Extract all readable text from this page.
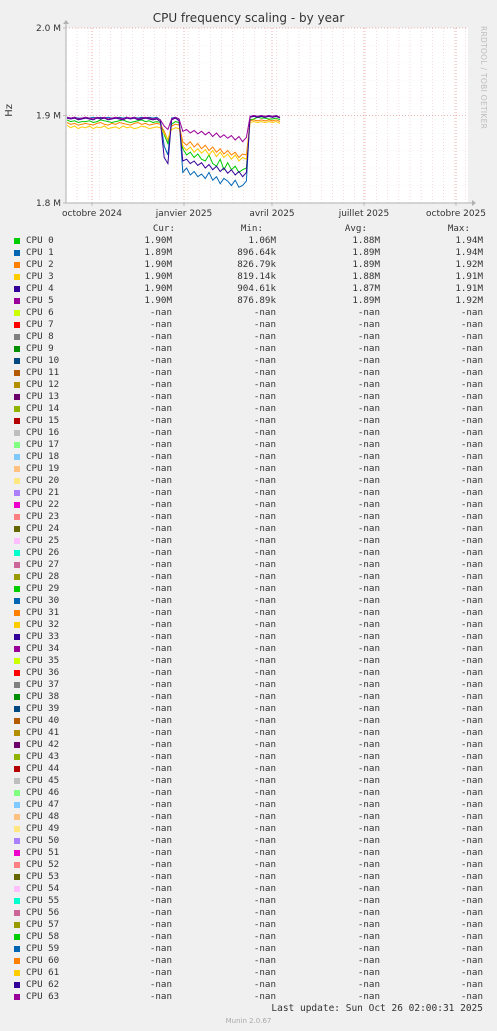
CPU frequency scaling - by year
RRDTOOL / TOBI OETIKER
Hz
octobre 2024	janvier 2025	avril 2025	juillet 2025	octobre 2025
2.0 M
1.9 M
1.8 M
Cur:	Min:	Avg:	Max:
CPU 0	1.90M	1.06M	1.88M	1.94M
CPU 1	1.89M	896.64k	1.89M	1.94M
CPU 2	1.90M	826.79k	1.89M	1.92M
CPU 3	1.90M	819.14k	1.88M	1.91M
CPU 4	1.90M	904.61k	1.87M	1.91M
CPU 5	1.90M	876.89k	1.89M	1.92M
CPU 6	-nan	-nan	-nan	-nan
CPU 7	-nan	-nan	-nan	-nan
CPU 8	-nan	-nan	-nan	-nan
CPU 9	-nan	-nan	-nan	-nan
CPU 10	-nan	-nan	-nan	-nan
CPU 11	-nan	-nan	-nan	-nan
CPU 12	-nan	-nan	-nan	-nan
CPU 13	-nan	-nan	-nan	-nan
CPU 14	-nan	-nan	-nan	-nan
CPU 15	-nan	-nan	-nan	-nan
CPU 16	-nan	-nan	-nan	-nan
CPU 17	-nan	-nan	-nan	-nan
CPU 18	-nan	-nan	-nan	-nan
CPU 19	-nan	-nan	-nan	-nan
CPU 20	-nan	-nan	-nan	-nan
CPU 21	-nan	-nan	-nan	-nan
CPU 22	-nan	-nan	-nan	-nan
CPU 23	-nan	-nan	-nan	-nan
CPU 24	-nan	-nan	-nan	-nan
CPU 25	-nan	-nan	-nan	-nan
CPU 26	-nan	-nan	-nan	-nan
CPU 27	-nan	-nan	-nan	-nan
CPU 28	-nan	-nan	-nan	-nan
CPU 29	-nan	-nan	-nan	-nan
CPU 30	-nan	-nan	-nan	-nan
CPU 31	-nan	-nan	-nan	-nan
CPU 32	-nan	-nan	-nan	-nan
CPU 33	-nan	-nan	-nan	-nan
CPU 34	-nan	-nan	-nan	-nan
CPU 35	-nan	-nan	-nan	-nan
CPU 36	-nan	-nan	-nan	-nan
CPU 37	-nan	-nan	-nan	-nan
CPU 38	-nan	-nan	-nan	-nan
CPU 39	-nan	-nan	-nan	-nan
CPU 40	-nan	-nan	-nan	-nan
CPU 41	-nan	-nan	-nan	-nan
CPU 42	-nan	-nan	-nan	-nan
CPU 43	-nan	-nan	-nan	-nan
CPU 44	-nan	-nan	-nan	-nan
CPU 45	-nan	-nan	-nan	-nan
CPU 46	-nan	-nan	-nan	-nan
CPU 47	-nan	-nan	-nan	-nan
CPU 48	-nan	-nan	-nan	-nan
CPU 49	-nan	-nan	-nan	-nan
CPU 50	-nan	-nan	-nan	-nan
CPU 51	-nan	-nan	-nan	-nan
CPU 52	-nan	-nan	-nan	-nan
CPU 53	-nan	-nan	-nan	-nan
CPU 54	-nan	-nan	-nan	-nan
CPU 55	-nan	-nan	-nan	-nan
CPU 56	-nan	-nan	-nan	-nan
CPU 57	-nan	-nan	-nan	-nan
CPU 58	-nan	-nan	-nan	-nan
CPU 59	-nan	-nan	-nan	-nan
CPU 60	-nan	-nan	-nan	-nan
CPU 61	-nan	-nan	-nan	-nan
CPU 62	-nan	-nan	-nan	-nan
CPU 63	-nan	-nan	-nan	-nan
Last update: Sun Oct 26 02:00:31 2025
Munin 2.0.67
